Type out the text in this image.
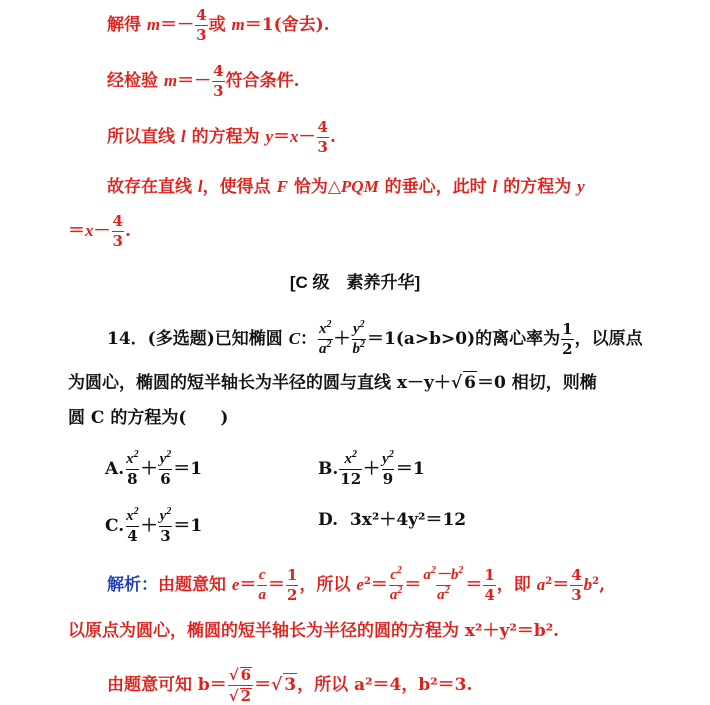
解得 $m=- \frac{4}{3}$ 或 m＝1(舍去).
经检验 $m=- \frac{4}{3}$ 符合条件.
所以直线 l 的方程为 $y=x- \frac{4}{3}$ .
故存在直线 l，使得点 F 恰为△PQM 的垂心，此时 l 的方程为 y
$=x- \frac{4}{3}$ .
[C 级　素养升华]
14．(多选题)已知椭圆 C： $\frac{x^2}{a^2} + \frac{y^2}{b^2} =1(a>b>0)$的离心率为 $\frac{1}{2}$ ，以原点
为圆心，椭圆的短半轴长为半径的圆与直线 x－y＋√ 6＝0 相切，则椭
圆 C 的方程为(　　)
A. $\frac{x^2}{8} + \frac{y^2}{6} =1$	B. $\frac{x^2}{12} + \frac{y^2}{9} =1$
C. $\frac{x^2}{4} + \frac{y^2}{3} =1$	D. 3x²＋4y²＝12
解析：由题意知 $e= \frac{c}{a} = \frac{1}{2}$ ，所以 $e^2= \frac{c^2}{a^2} = \frac{a^2-b^2}{a^2} = \frac{1}{4}$ ，即 $a^2= \frac{4}{3} b^2$,
以原点为圆心，椭圆的短半轴长为半径的圆的方程为 x²＋y²＝b².
由题意可知 $b= \frac{√ 6}{√ 2}$ ＝√ 3，所以 a²＝4，b²＝3.
